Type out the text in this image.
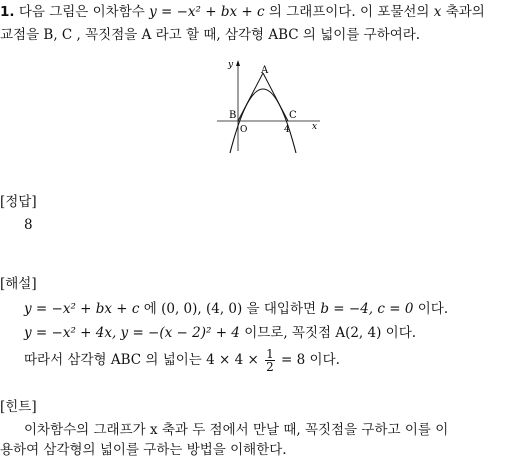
1. 다음 그림은 이차함수 y = −x² + bx + c 의 그래프이다. 이 포물선의 x 축과의
교점을 B, C , 꼭짓점을 A 라고 할 때, 삼각형 ABC 의 넓이를 구하여라.
y
x
A
B	C
O	4
[정답]
8
[해설]
y = −x² + bx + c 에 (0, 0), (4, 0) 을 대입하면 b = −4, c = 0 이다.
y = −x² + 4x, y = −(x − 2)² + 4 이므로, 꼭짓점 A(2, 4) 이다.
따라서 삼각형 ABC 의 넓이는 $4 \times 4 \times \frac{1}{2} = 8$ 이다.
[힌트]
이차함수의 그래프가 x 축과 두 점에서 만날 때, 꼭짓점을 구하고 이를 이
용하여 삼각형의 넓이를 구하는 방법을 이해한다.
